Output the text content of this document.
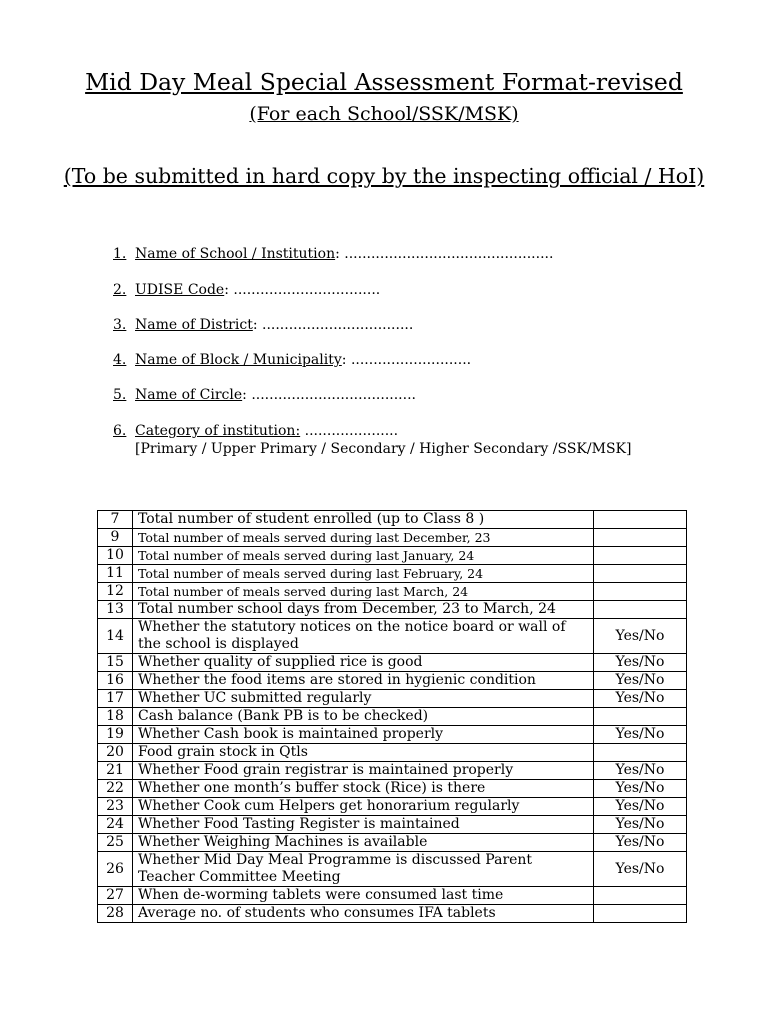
Mid Day Meal Special Assessment Format-revised
(For each School/SSK/MSK)
(To be submitted in hard copy by the inspecting official / HoI)
1. Name of School / Institution: ...............................................
2. UDISE Code: .................................
3. Name of District: ..................................
4. Name of Block / Municipality: ...........................
5. Name of Circle: .....................................
6. Category of institution: .....................
[Primary / Upper Primary / Secondary / Higher Secondary /SSK/MSK]
7	Total number of student enrolled (up to Class 8 )	
9	Total number of meals served during last December, 23	
10	Total number of meals served during last January, 24	
11	Total number of meals served during last February, 24	
12	Total number of meals served during last March, 24	
13	Total number school days from December, 23 to March, 24	
14	Whether the statutory notices on the notice board or wall of the school is displayed	Yes/No
15	Whether quality of supplied rice is good	Yes/No
16	Whether the food items are stored in hygienic condition	Yes/No
17	Whether UC submitted regularly	Yes/No
18	Cash balance (Bank PB is to be checked)	
19	Whether Cash book is maintained properly	Yes/No
20	Food grain stock in Qtls	
21	Whether Food grain registrar is maintained properly	Yes/No
22	Whether one month’s buffer stock (Rice) is there	Yes/No
23	Whether Cook cum Helpers get honorarium regularly	Yes/No
24	Whether Food Tasting Register is maintained	Yes/No
25	Whether Weighing Machines is available	Yes/No
26	Whether Mid Day Meal Programme is discussed Parent Teacher Committee Meeting	Yes/No
27	When de-worming tablets were consumed last time	
28	Average no. of students who consumes IFA tablets	
